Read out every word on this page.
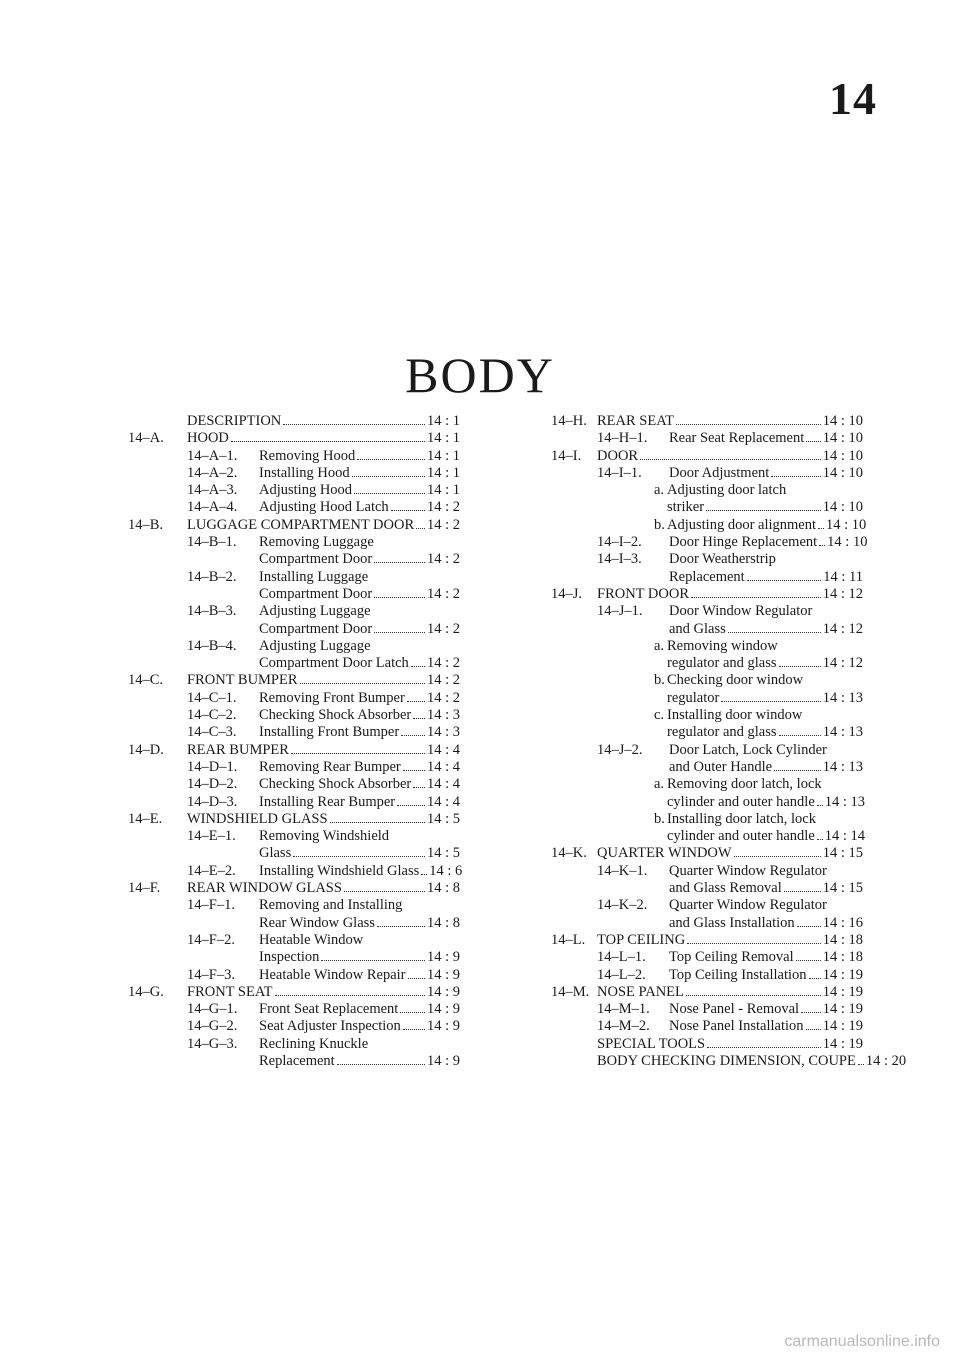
14
BODY
DESCRIPTION	14 : 1
14–A. HOOD	14 : 1
14–A–1. Removing Hood	14 : 1
14–A–2. Installing Hood	14 : 1
14–A–3. Adjusting Hood	14 : 1
14–A–4. Adjusting Hood Latch	14 : 2
14–B. LUGGAGE COMPARTMENT DOOR 14 : 2
14–B–1. Removing Luggage
Compartment Door	14 : 2
14–B–2. Installing Luggage
Compartment Door	14 : 2
14–B–3. Adjusting Luggage
Compartment Door	14 : 2
14–B–4. Adjusting Luggage
Compartment Door Latch 14 : 2
14–C. FRONT BUMPER	14 : 2
14–C–1. Removing Front Bumper 14 : 2
14–C–2. Checking Shock Absorber 14 : 3
14–C–3. Installing Front Bumper 14 : 3
14–D. REAR BUMPER	14 : 4
14–D–1. Removing Rear Bumper 14 : 4
14–D–2. Checking Shock Absorber 14 : 4
14–D–3. Installing Rear Bumper 14 : 4
14–E. WINDSHIELD GLASS	14 : 5
14–E–1. Removing Windshield
Glass	14 : 5
14–E–2. Installing Windshield Glass 14 : 6
14–F. REAR WINDOW GLASS	14 : 8
14–F–1. Removing and Installing
Rear Window Glass	14 : 8
14–F–2. Heatable Window
Inspection	14 : 9
14–F–3. Heatable Window Repair 14 : 9
14–G. FRONT SEAT	14 : 9
14–G–1. Front Seat Replacement 14 : 9
14–G–2. Seat Adjuster Inspection 14 : 9
14–G–3. Reclining Knuckle
Replacement	14 : 9
14–H. REAR SEAT	14 : 10
14–H–1. Rear Seat Replacement 14 : 10
14–I. DOOR	14 : 10
14–I–1. Door Adjustment	14 : 10
a. Adjusting door latch
striker	14 : 10
b. Adjusting door alignment 14 : 10
14–I–2. Door Hinge Replacement 14 : 10
14–I–3. Door Weatherstrip
Replacement	14 : 11
14–J. FRONT DOOR	14 : 12
14–J–1. Door Window Regulator
and Glass	14 : 12
a. Removing window
regulator and glass	14 : 12
b. Checking door window
regulator	14 : 13
c. Installing door window
regulator and glass	14 : 13
14–J–2. Door Latch, Lock Cylinder
and Outer Handle	14 : 13
a. Removing door latch, lock
cylinder and outer handle 14 : 13
b. Installing door latch, lock
cylinder and outer handle 14 : 14
14–K. QUARTER WINDOW	14 : 15
14–K–1. Quarter Window Regulator
and Glass Removal	14 : 15
14–K–2. Quarter Window Regulator
and Glass Installation 14 : 16
14–L. TOP CEILING	14 : 18
14–L–1. Top Ceiling Removal 14 : 18
14–L–2. Top Ceiling Installation 14 : 19
14–M. NOSE PANEL	14 : 19
14–M–1. Nose Panel - Removal 14 : 19
14–M–2. Nose Panel Installation 14 : 19
SPECIAL TOOLS	14 : 19
BODY CHECKING DIMENSION, COUPE 14 : 20
carmanualsonline.info
